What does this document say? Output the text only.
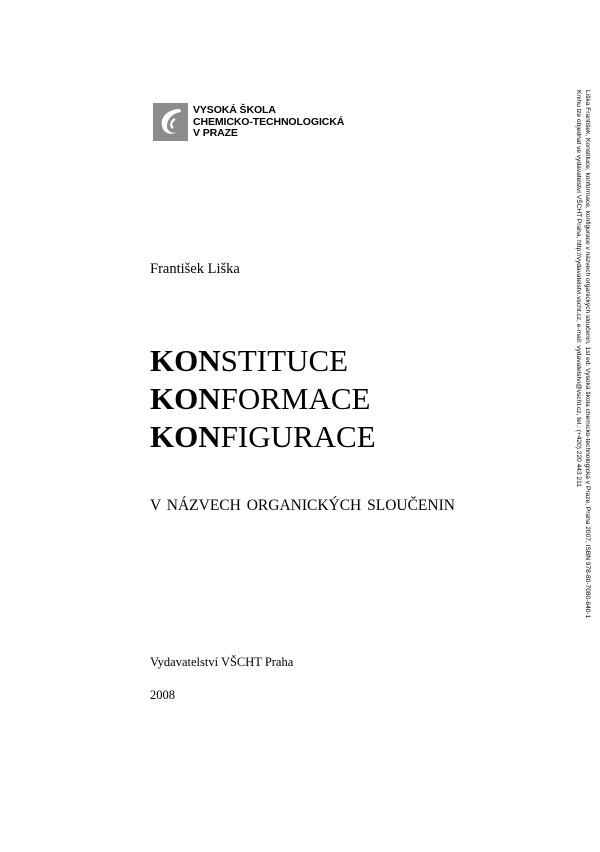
VYSOKÁ ŠKOLA
CHEMICKO-TECHNOLOGICKÁ
V PRAZE
František Liška
KONSTITUCE
KONFORMACE
KONFIGURACE
V NÁZVECH ORGANICKÝCH SLOUČENIN
Vydavatelství VŠCHT Praha
2008
Liška František, Konstituce, konformace, konfigurace v názvech organických sloučenin, 1st ed. Vysoká škola chemicko-technologická v Praze, Praha 2007, ISBN 978-80-7080-640-1
Knihu lze objednat ve vydavatelství VŠCHT Praha, http://vydavatelstvi.vscht.cz, e-mail: vydavatelstvi@vscht.cz, tel.: (+420) 220 443 211
